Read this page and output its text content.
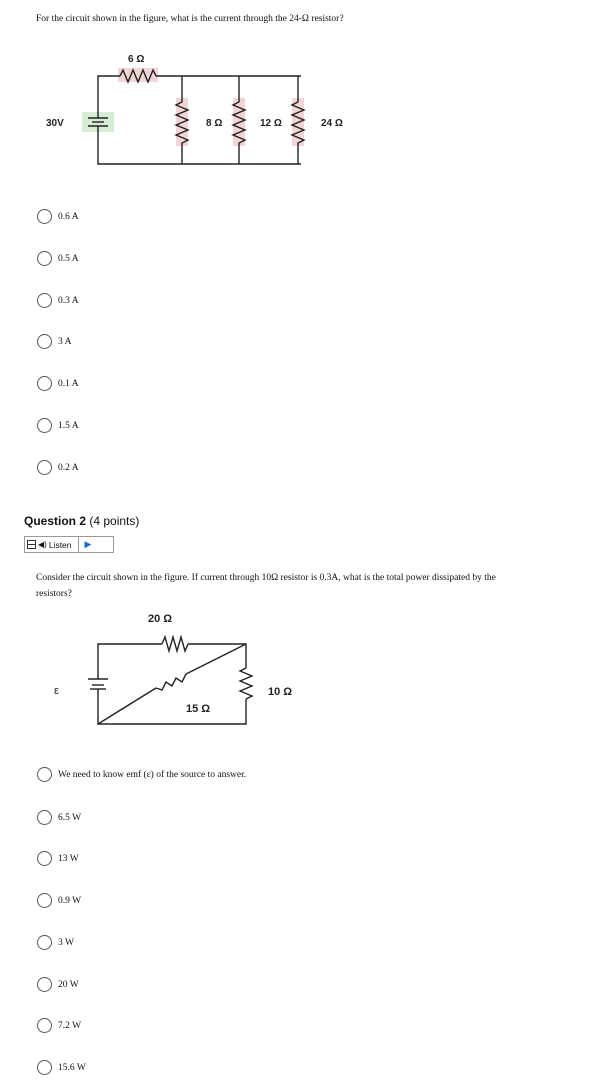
For the circuit shown in the figure, what is the current through the 24-Ω resistor?
30V
6 Ω
8 Ω	12 Ω	24 Ω
0.6 A
0.5 A
0.3 A
3 A
0.1 A
1.5 A
0.2 A
Question 2 (4 points)
◀) Listen	▶
Consider the circuit shown in the figure. If current through 10Ω resistor is 0.3A, what is the total power dissipated by the resistors?
ε
20 Ω
15 Ω
10 Ω
We need to know emf (ε) of the source to answer.
6.5 W
13 W
0.9 W
3 W
20 W
7.2 W
15.6 W
